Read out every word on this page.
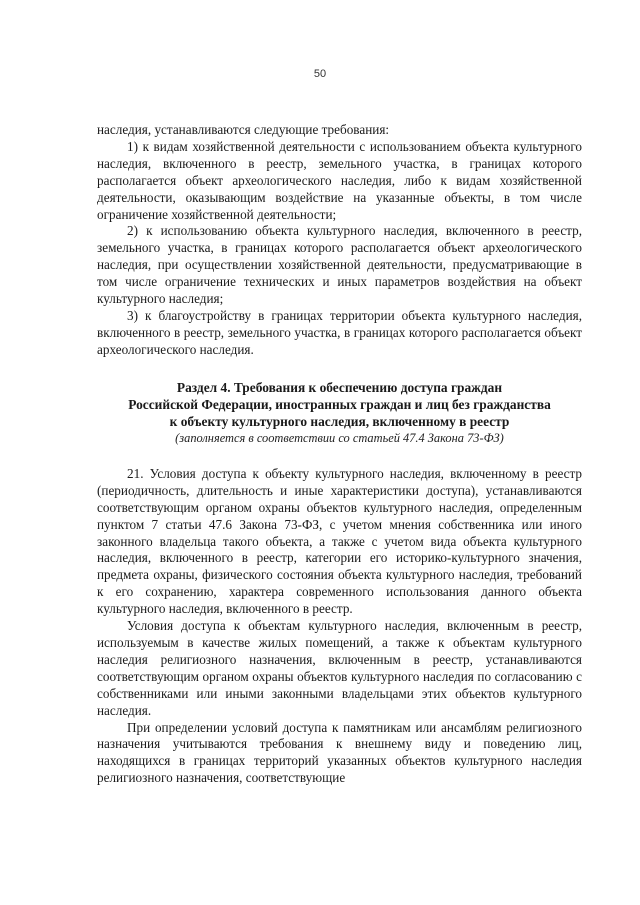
50

наследия, устанавливаются следующие требования:

1) к видам хозяйственной деятельности с использованием объекта культурного наследия, включенного в реестр, земельного участка, в границах которого располагается объект археологического наследия, либо к видам хозяйственной деятельности, оказывающим воздействие на указанные объекты, в том числе ограничение хозяйственной деятельности;

2) к использованию объекта культурного наследия, включенного в реестр, земельного участка, в границах которого располагается объект археологического наследия, при осуществлении хозяйственной деятельности, предусматривающие в том числе ограничение технических и иных параметров воздействия на объект культурного наследия;

3) к благоустройству в границах территории объекта культурного наследия, включенного в реестр, земельного участка, в границах которого располагается объект археологического наследия.

Раздел 4. Требования к обеспечению доступа граждан

Российской Федерации, иностранных граждан и лиц без гражданства

к объекту культурного наследия, включенному в реестр

(заполняется в соответствии со статьей 47.4 Закона 73-ФЗ)

21. Условия доступа к объекту культурного наследия, включенному в реестр (периодичность, длительность и иные характеристики доступа), устанавливаются соответствующим органом охраны объектов культурного наследия, определенным пунктом 7 статьи 47.6 Закона 73-ФЗ, с учетом мнения собственника или иного законного владельца такого объекта, а также с учетом вида объекта культурного наследия, включенного в реестр, категории его историко-культурного значения, предмета охраны, физического состояния объекта культурного наследия, требований к его сохранению, характера современного использования данного объекта культурного наследия, включенного в реестр.

Условия доступа к объектам культурного наследия, включенным в реестр, используемым в качестве жилых помещений, а также к объектам культурного наследия религиозного назначения, включенным в реестр, устанавливаются соответствующим органом охраны объектов культурного наследия по согласованию с собственниками или иными законными владельцами этих объектов культурного наследия.

При определении условий доступа к памятникам или ансамблям религиозного назначения учитываются требования к внешнему виду и поведению лиц, находящихся в границах территорий указанных объектов культурного наследия религиозного назначения, соответствующие
